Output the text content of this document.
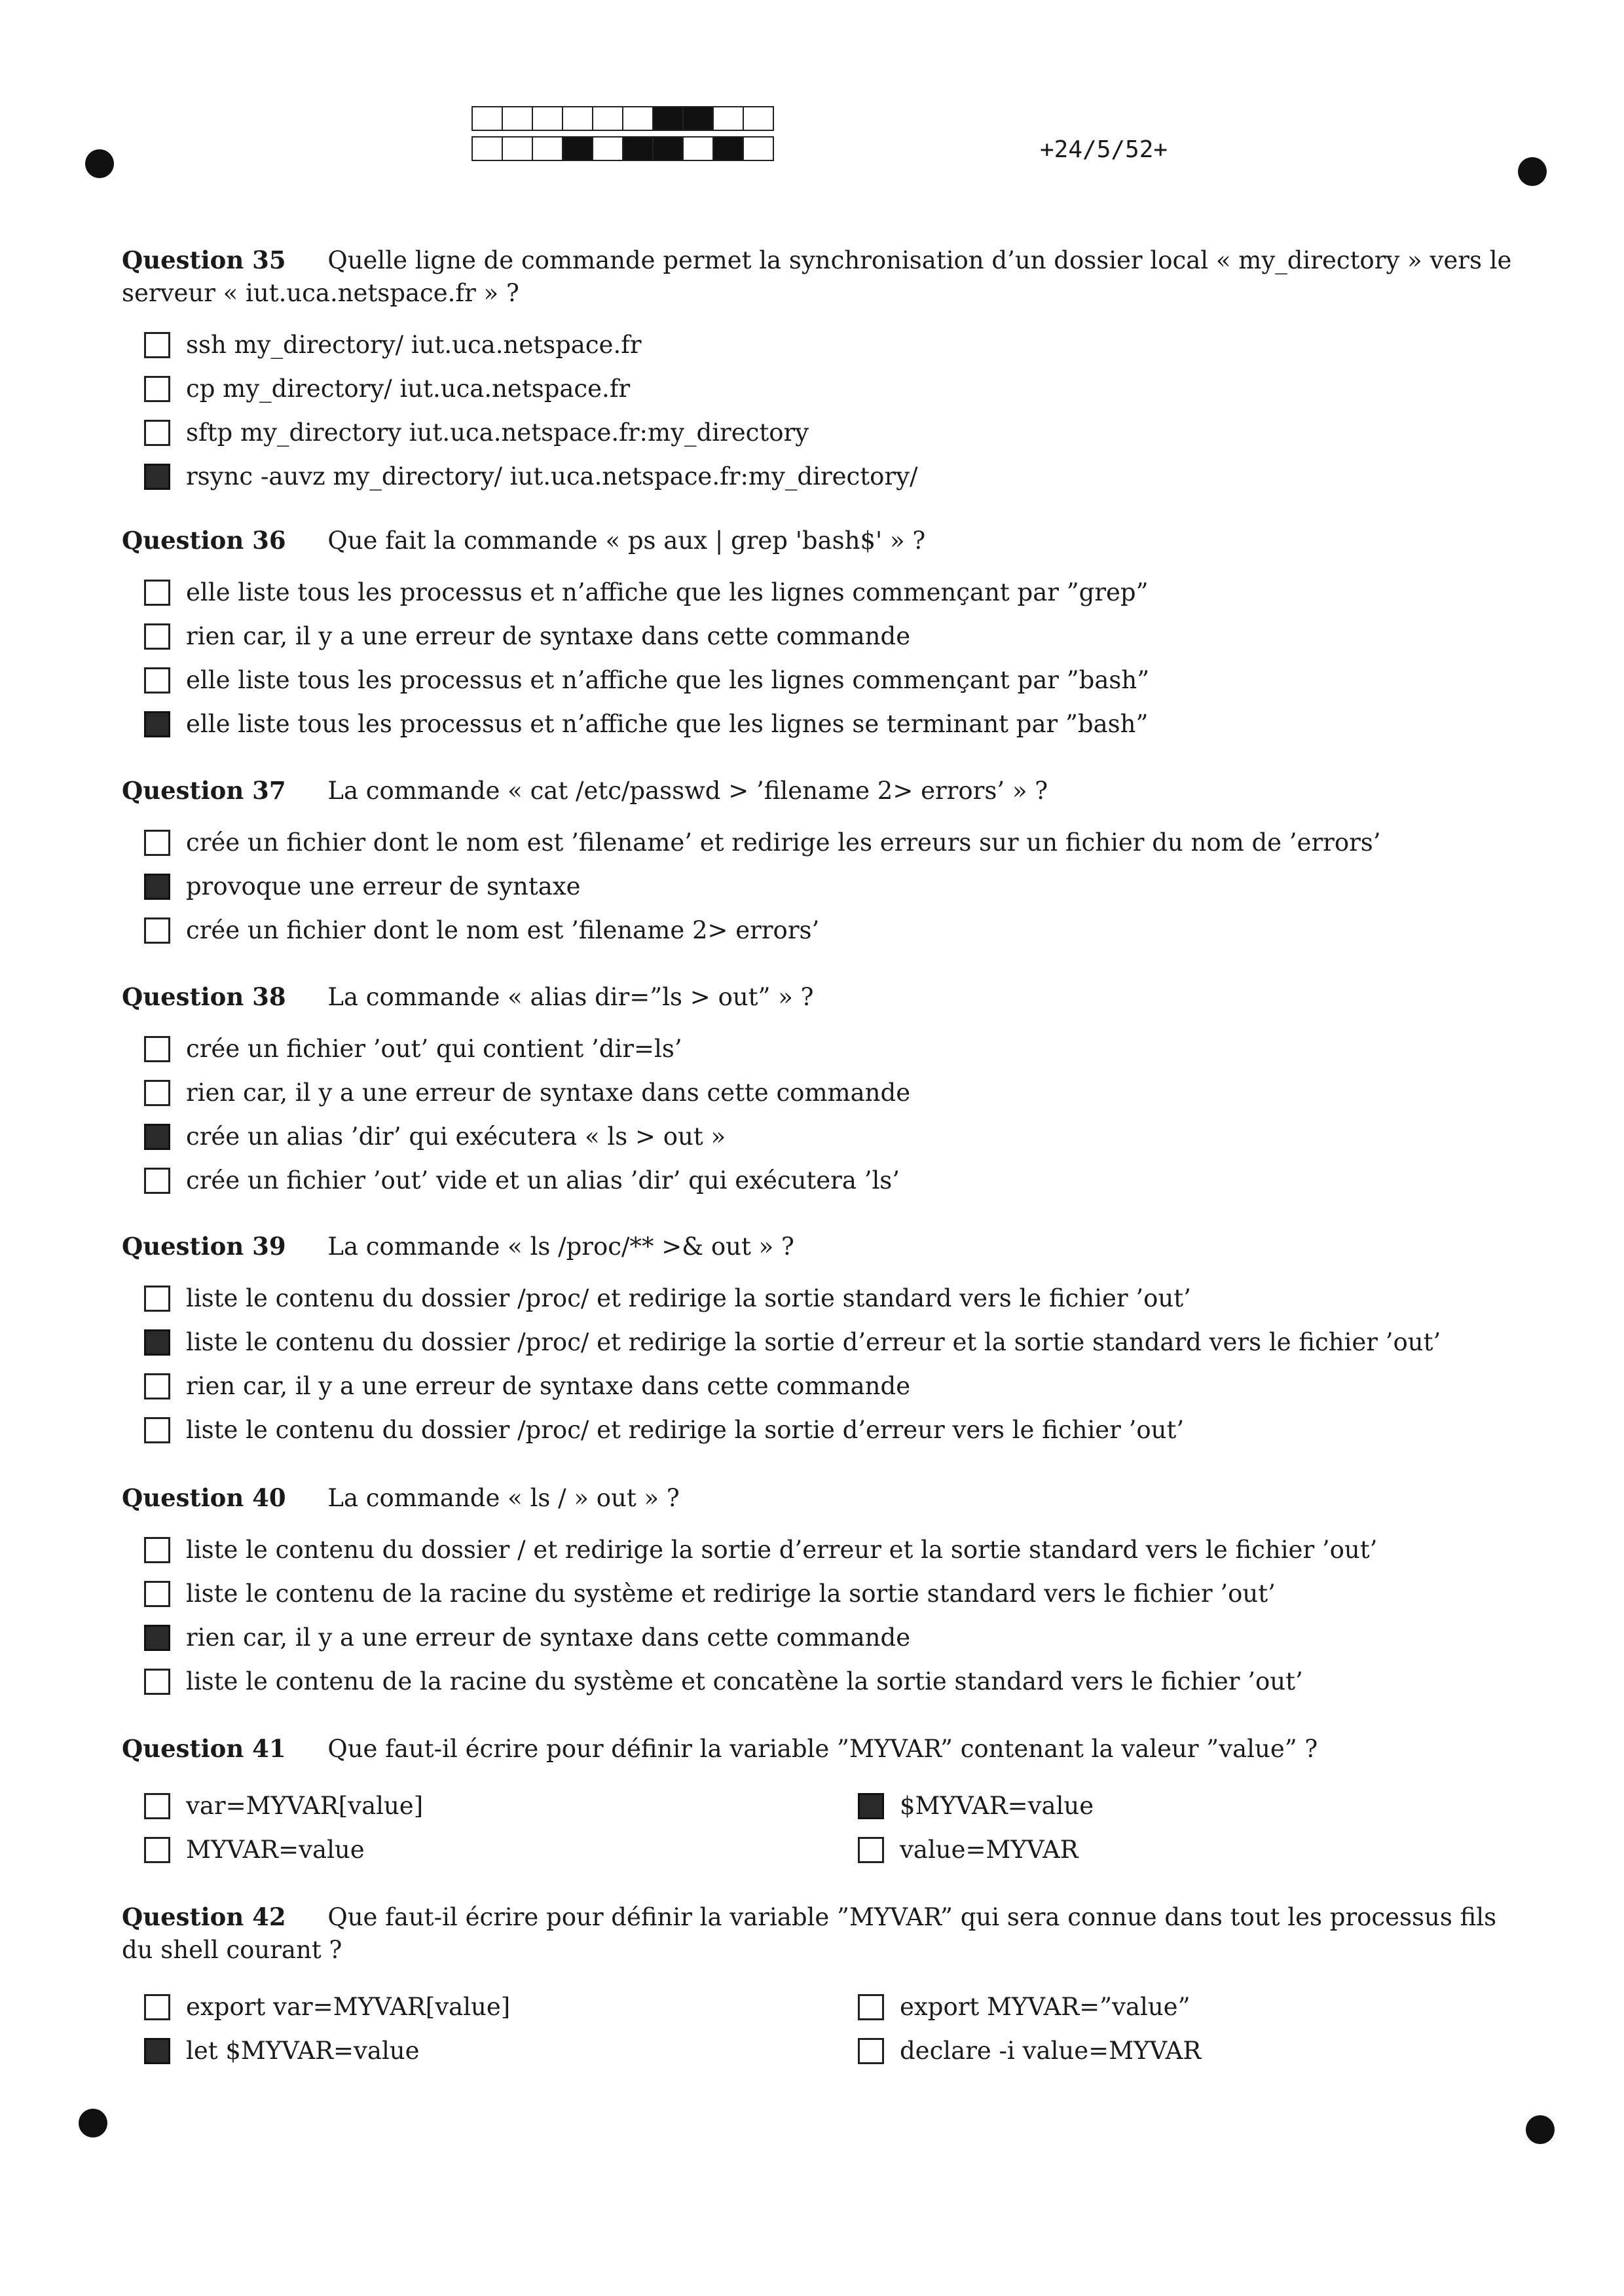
+24/5/52+
Question 35 Quelle ligne de commande permet la synchronisation d’un dossier local « my_directory » vers le serveur « iut.uca.netspace.fr » ?
ssh my_directory/ iut.uca.netspace.fr
cp my_directory/ iut.uca.netspace.fr
sftp my_directory iut.uca.netspace.fr:my_directory
rsync -auvz my_directory/ iut.uca.netspace.fr:my_directory/
Question 36 Que fait la commande « ps aux | grep 'bash$' » ?
elle liste tous les processus et n’affiche que les lignes commençant par ”grep”
rien car, il y a une erreur de syntaxe dans cette commande
elle liste tous les processus et n’affiche que les lignes commençant par ”bash”
elle liste tous les processus et n’affiche que les lignes se terminant par ”bash”
Question 37 La commande « cat /etc/passwd > ’filename 2> errors’ » ?
crée un fichier dont le nom est ’filename’ et redirige les erreurs sur un fichier du nom de ’errors’
provoque une erreur de syntaxe
crée un fichier dont le nom est ’filename 2> errors’
Question 38 La commande « alias dir=”ls > out” » ?
crée un fichier ’out’ qui contient ’dir=ls’
rien car, il y a une erreur de syntaxe dans cette commande
crée un alias ’dir’ qui exécutera « ls > out »
crée un fichier ’out’ vide et un alias ’dir’ qui exécutera ’ls’
Question 39 La commande « ls /proc/** >& out » ?
liste le contenu du dossier /proc/ et redirige la sortie standard vers le fichier ’out’
liste le contenu du dossier /proc/ et redirige la sortie d’erreur et la sortie standard vers le fichier ’out’
rien car, il y a une erreur de syntaxe dans cette commande
liste le contenu du dossier /proc/ et redirige la sortie d’erreur vers le fichier ’out’
Question 40 La commande « ls / » out » ?
liste le contenu du dossier / et redirige la sortie d’erreur et la sortie standard vers le fichier ’out’
liste le contenu de la racine du système et redirige la sortie standard vers le fichier ’out’
rien car, il y a une erreur de syntaxe dans cette commande
liste le contenu de la racine du système et concatène la sortie standard vers le fichier ’out’
Question 41 Que faut-il écrire pour définir la variable ”MYVAR” contenant la valeur ”value” ?
var=MYVAR[value]	$MYVAR=value
MYVAR=value	value=MYVAR
Question 42 Que faut-il écrire pour définir la variable ”MYVAR” qui sera connue dans tout les processus fils du shell courant ?
export var=MYVAR[value]	export MYVAR=”value”
let $MYVAR=value	declare -i value=MYVAR
